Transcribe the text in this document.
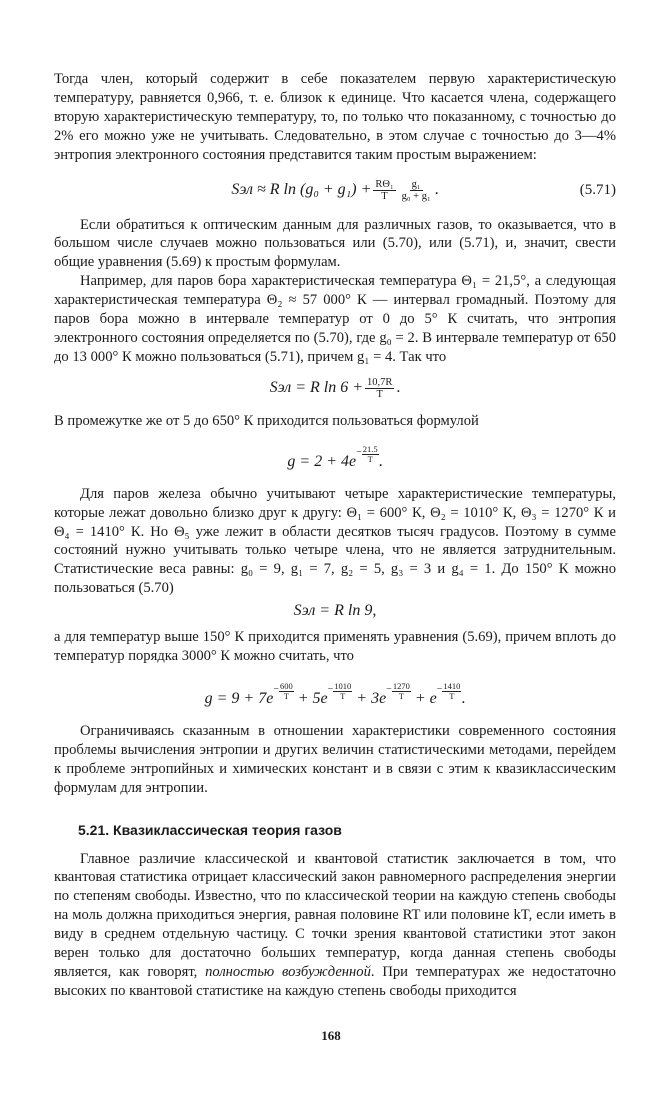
Тогда член, который содержит в себе показателем первую характеристическую температуру, равняется 0,966, т. е. близок к единице. Что касается члена, содержащего вторую характеристическую температуру, то, по только что показанному, с точностью до 2% его можно уже не учитывать. Следовательно, в этом случае с точностью до 3—4% энтропия электронного состояния представится таким простым выражением:

Sэл ≈ R $\ln (g_0 + g_1) + \frac{\text{RΘ₁}}{T} \frac{\text{g₁}}{\text{g₀ + g₁}}$ .	(5.71)

Если обратиться к оптическим данным для различных газов, то оказывается, что в большом числе случаев можно пользоваться или (5.70), или (5.71), и, значит, свести общие уравнения (5.69) к простым формулам.

Например, для паров бора характеристическая температура Θ₁ = 21,5°, а следующая характеристическая температура Θ₂ ≈ 57 000° К — интервал громадный. Поэтому для паров бора можно в интервале температур от 0 до 5° К считать, что энтропия электронного состояния определяется по (5.70), где g₀ = 2. В интервале температур от 650 до 13 000° К можно пользоваться (5.71), причем g₁ = 4. Так что

Sэл = R $\ln 6 + \frac{10,7R}{T}$ .

В промежутке же от 5 до 650° К приходится пользоваться формулой

$g = 2 + 4e - \frac{21.5}{T}$ .

Для паров железа обычно учитывают четыре характеристические температуры, которые лежат довольно близко друг к другу: Θ₁ = 600° К, Θ₂ = 1010° К, Θ₃ = 1270° К и Θ₄ = 1410° К. Но Θ₅ уже лежит в области десятков тысяч градусов. Поэтому в сумме состояний нужно учитывать только четыре члена, что не является затруднительным. Статистические веса равны: g₀ = 9, g₁ = 7, g₂ = 5, g₃ = 3 и g₄ = 1. До 150° К можно пользоваться (5.70)

Sэл = R ln 9,

а для температур выше 150° К приходится применять уравнения (5.69), причем вплоть до температур порядка 3000° К можно считать, что

$g = 9 + 7e - \frac{600}{T} + 5e - \frac{1010}{T} + 3e - \frac{1270}{T} + e - \frac{1410}{T}$ .

Ограничиваясь сказанным в отношении характеристики современного состояния проблемы вычисления энтропии и других величин статистическими методами, перейдем к проблеме энтропийных и химических констант и в связи с этим к квазиклассическим формулам для энтропии.

5.21. Квазиклассическая теория газов

Главное различие классической и квантовой статистик заключается в том, что квантовая статистика отрицает классический закон равномерного распределения энергии по степеням свободы. Известно, что по классической теории на каждую степень свободы на моль должна приходиться энергия, равная половине RT или половине kT, если иметь в виду в среднем отдельную частицу. С точки зрения квантовой статистики этот закон верен только для достаточно больших температур, когда данная степень свободы является, как говорят, полностью возбужденной. При температурах же недостаточно высоких по квантовой статистике на каждую степень свободы приходится

168
